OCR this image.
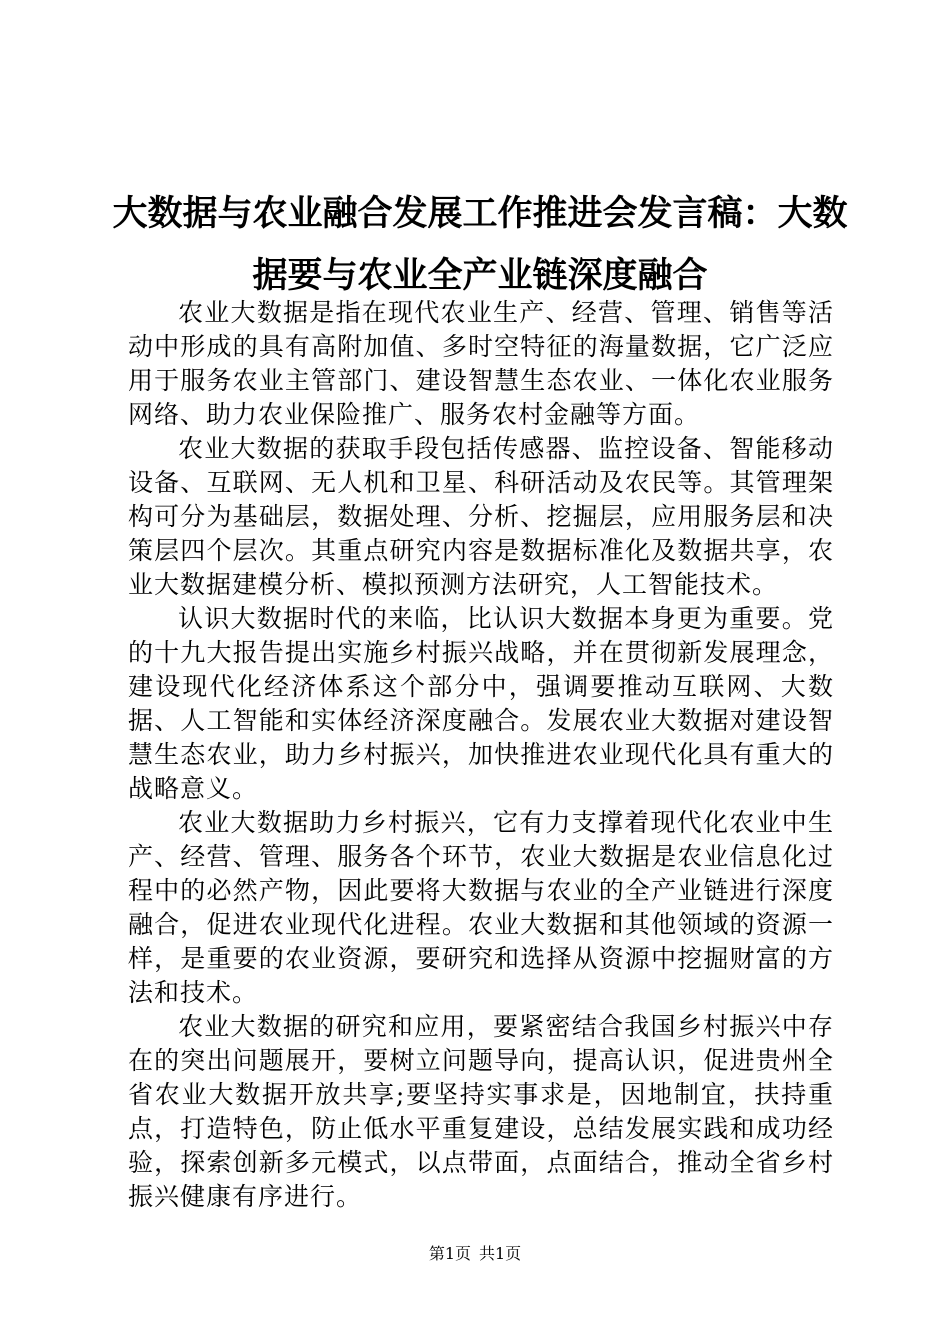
大数据与农业融合发展工作推进会发言稿：大数据要与农业全产业链深度融合

农业大数据是指在现代农业生产、经营、管理、销售等活动中形成的具有高附加值、多时空特征的海量数据，它广泛应用于服务农业主管部门、建设智慧生态农业、一体化农业服务网络、助力农业保险推广、服务农村金融等方面。

农业大数据的获取手段包括传感器、监控设备、智能移动设备、互联网、无人机和卫星、科研活动及农民等。其管理架构可分为基础层，数据处理、分析、挖掘层，应用服务层和决策层四个层次。其重点研究内容是数据标准化及数据共享，农业大数据建模分析、模拟预测方法研究，人工智能技术。

认识大数据时代的来临，比认识大数据本身更为重要。党的十九大报告提出实施乡村振兴战略，并在贯彻新发展理念，建设现代化经济体系这个部分中，强调要推动互联网、大数据、人工智能和实体经济深度融合。发展农业大数据对建设智慧生态农业，助力乡村振兴，加快推进农业现代化具有重大的战略意义。

农业大数据助力乡村振兴，它有力支撑着现代化农业中生产、经营、管理、服务各个环节，农业大数据是农业信息化过程中的必然产物，因此要将大数据与农业的全产业链进行深度融合，促进农业现代化进程。农业大数据和其他领域的资源一样，是重要的农业资源，要研究和选择从资源中挖掘财富的方法和技术。

农业大数据的研究和应用，要紧密结合我国乡村振兴中存在的突出问题展开，要树立问题导向，提高认识，促进贵州全省农业大数据开放共享;要坚持实事求是，因地制宜，扶持重点，打造特色，防止低水平重复建设，总结发展实践和成功经验，探索创新多元模式，以点带面，点面结合，推动全省乡村振兴健康有序进行。

第1页 共1页
